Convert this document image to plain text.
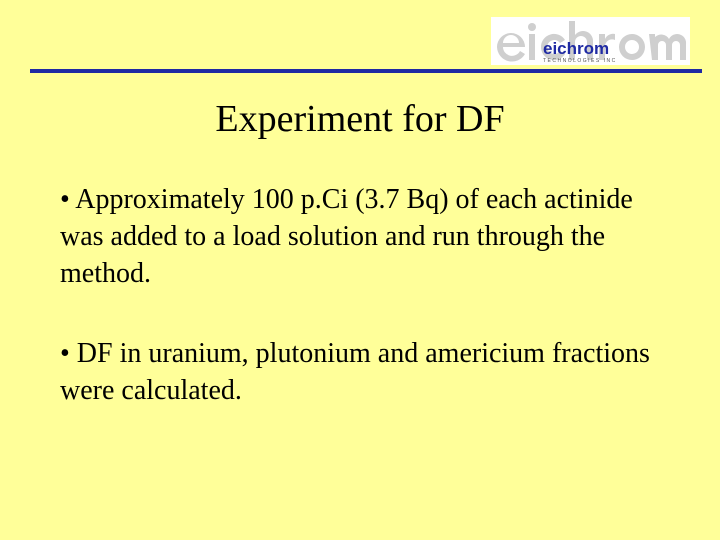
eichrom
TECHNOLOGIES INC
Experiment for DF
• Approximately 100 p.Ci (3.7 Bq) of each actinide was added to a load solution and run through the method.
• DF in uranium, plutonium and americium fractions were calculated.
